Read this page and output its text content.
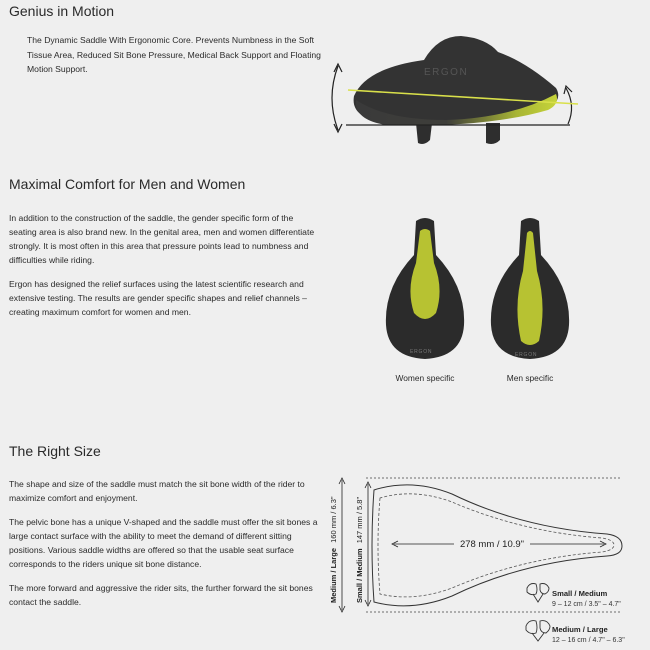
Genius in Motion

The Dynamic Saddle With Ergonomic Core. Prevents Numbness in the Soft Tissue Area, Reduced Sit Bone Pressure, Medical Back Support and Floating Motion Support.	ERGON
Maximal Comfort for Men and Women

In addition to the construction of the saddle, the gender specific form of the seating area is also brand new. In the genital area, men and women differentiate strongly. It is most often in this area that pressure points lead to numbness and difficulties while riding.

Ergon has designed the relief surfaces using the latest scientific research and extensive testing. The results are gender specific shapes and relief channels – creating maximum comfort for women and men.

ERGON
Women specific
ERGON
Men specific
The Right Size

The shape and size of the saddle must match the sit bone width of the rider to maximize comfort and enjoyment.

The pelvic bone has a unique V-shaped and the saddle must offer the sit bones a large contact surface with the ability to meet the demand of different sitting positions. Various saddle widths are offered so that the usable seat surface corresponds to the riders unique sit bone distance.

The more forward and aggressive the rider sits, the further forward the sit bones contact the saddle.

278 mm / 10.9"
Medium / Large 160 mm / 6.3"
Small / Medium 147 mm / 5.8"
Small / Medium
9 – 12 cm / 3.5" – 4.7"
Medium / Large
12 – 16 cm / 4.7" – 6.3"
